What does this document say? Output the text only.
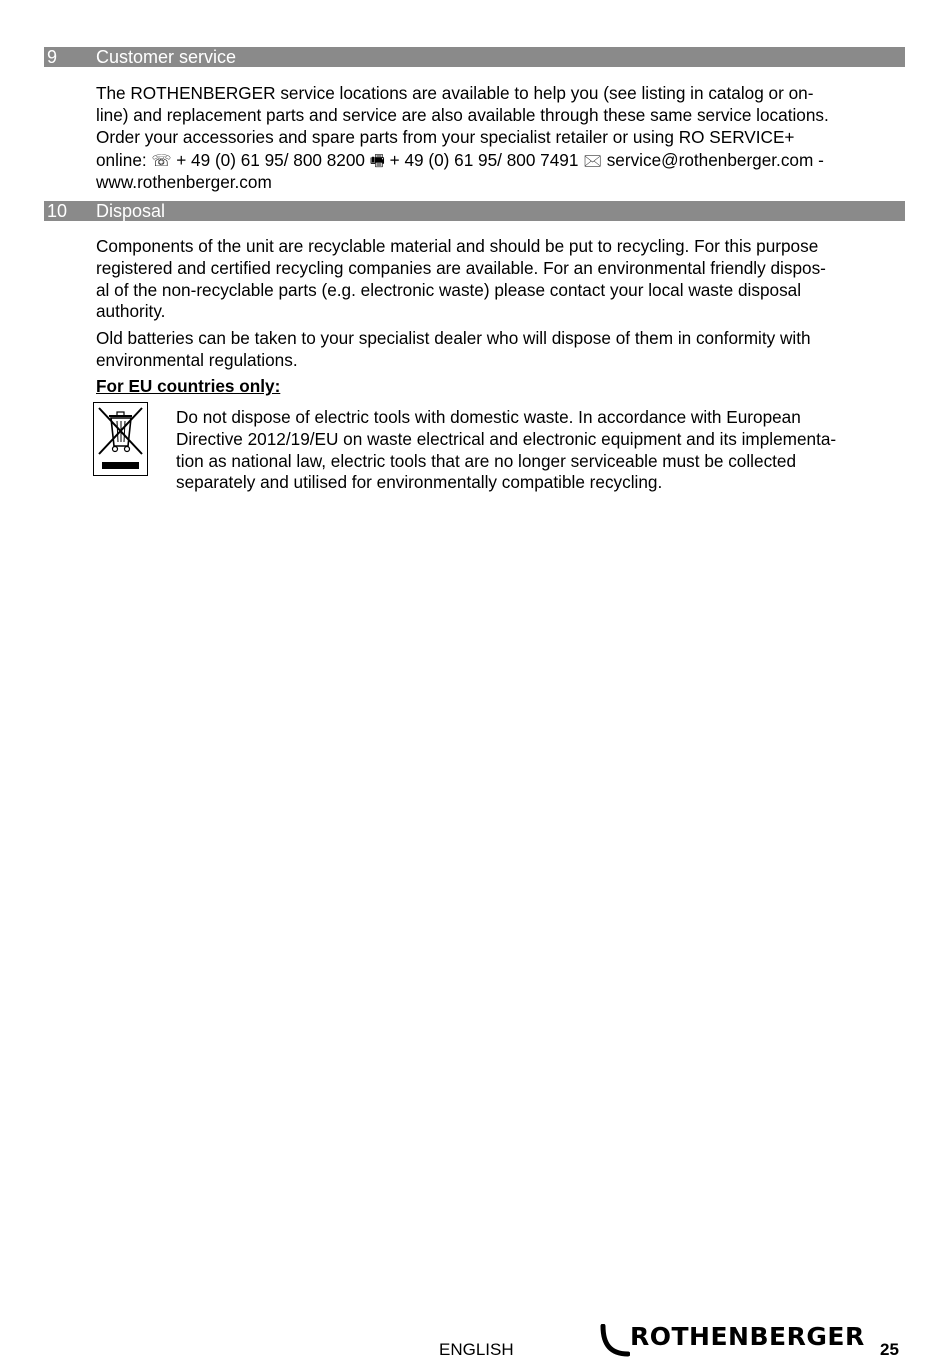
9 Customer service
The ROTHENBERGER service locations are available to help you (see listing in catalog or on-
line) and replacement parts and service are also available through these same service locations.
Order your accessories and spare parts from your specialist retailer or using RO SERVICE+
online: ☏ + 49 (0) 61 95/ 800 8200 🖷 + 49 (0) 61 95/ 800 7491 🖂 service@rothenberger.com -
www.rothenberger.com
10 Disposal
Components of the unit are recyclable material and should be put to recycling. For this purpose
registered and certified recycling companies are available. For an environmental friendly dispos-
al of the non-recyclable parts (e.g. electronic waste) please contact your local waste disposal
authority.
Old batteries can be taken to your specialist dealer who will dispose of them in conformity with
environmental regulations.
For EU countries only:
Do not dispose of electric tools with domestic waste. In accordance with European
Directive 2012/19/EU on waste electrical and electronic equipment and its implementa-
tion as national law, electric tools that are no longer serviceable must be collected
separately and utilised for environmentally compatible recycling.
ENGLISH	ROTHENBERGER 25
